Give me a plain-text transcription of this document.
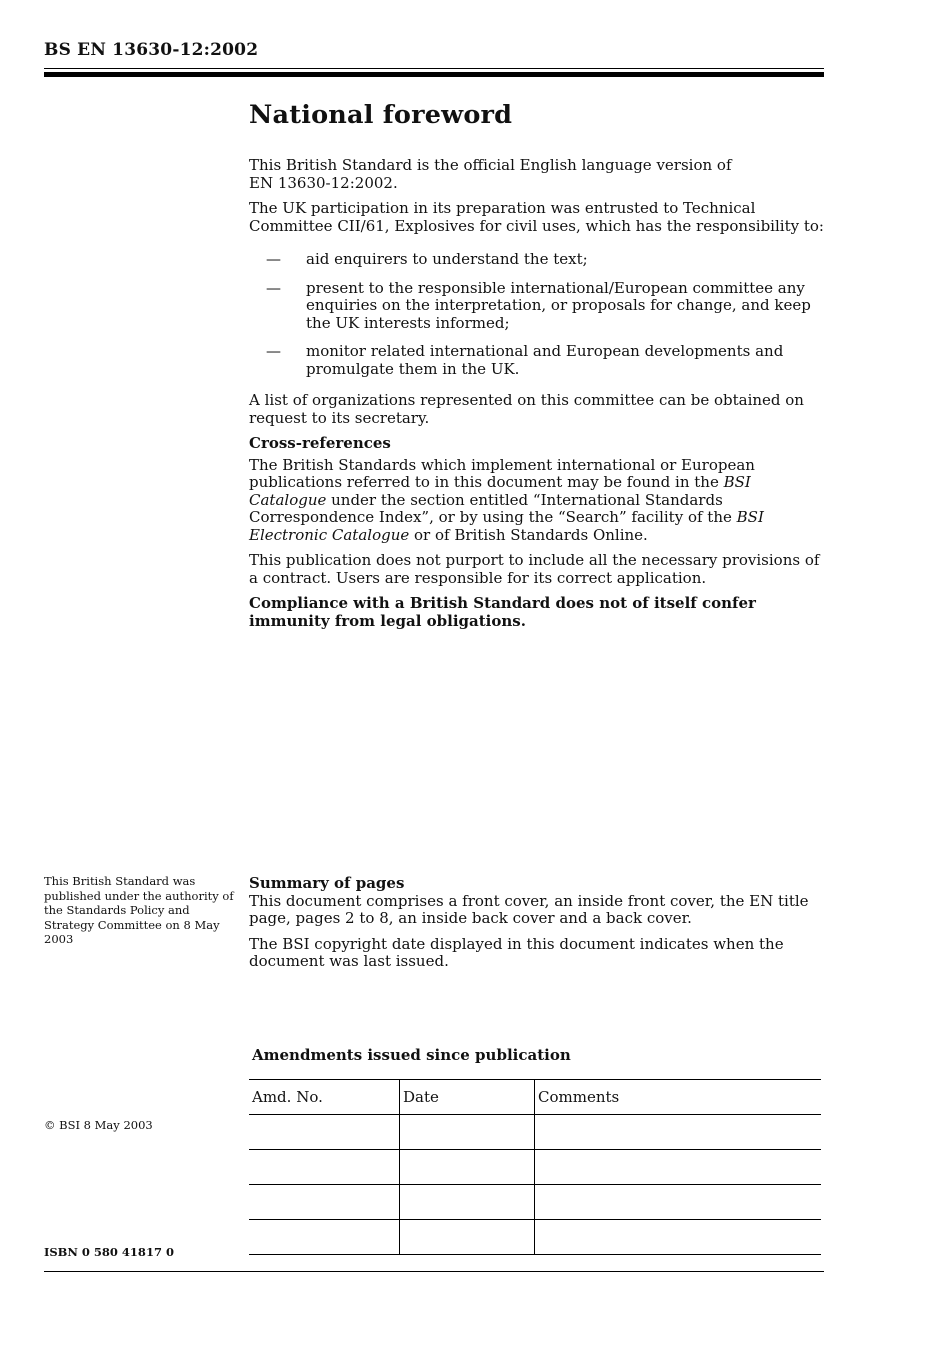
BS EN 13630-12:2002
National foreword

This British Standard is the official English language version of
EN 13630-12:2002.

The UK participation in its preparation was entrusted to Technical Committee CII/61, Explosives for civil uses, which has the responsibility to:

— aid enquirers to understand the text;
— present to the responsible international/European committee any enquiries on the interpretation, or proposals for change, and keep the UK interests informed;
— monitor related international and European developments and promulgate them in the UK.

A list of organizations represented on this committee can be obtained on request to its secretary.

Cross-references

The British Standards which implement international or European publications referred to in this document may be found in the BSI Catalogue under the section entitled “International Standards Correspondence Index”, or by using the “Search” facility of the BSI Electronic Catalogue or of British Standards Online.

This publication does not purport to include all the necessary provisions of a contract. Users are responsible for its correct application.

Compliance with a British Standard does not of itself confer immunity from legal obligations.

This British Standard was published under the authority of the Standards Policy and Strategy Committee on 8 May 2003

Summary of pages

This document comprises a front cover, an inside front cover, the EN title page, pages 2 to 8, an inside back cover and a back cover.

The BSI copyright date displayed in this document indicates when the document was last issued.

Amendments issued since publication
Amd. No.	Date	Comments

© BSI 8 May 2003
ISBN 0 580 41817 0
